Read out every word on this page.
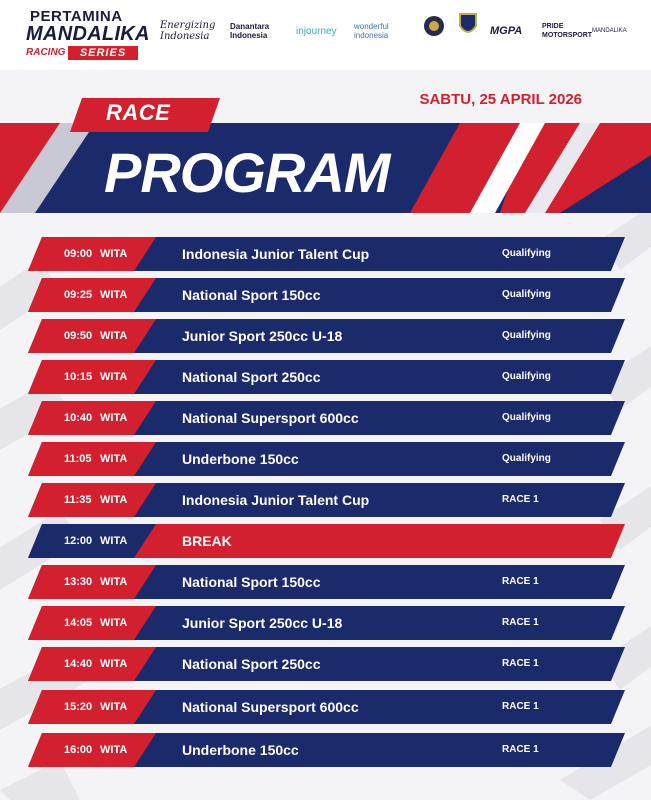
PERTAMINA
MANDALIKA
RACING	SERIES
Energizing Indonesia
Danantara Indonesia	injourney	wonderful indonesia	MGPA	PRIDE MOTORSPORT
MANDALIKA
SABTU, 25 APRIL 2026
RACE
PROGRAM
09:00 WITA	Indonesia Junior Talent Cup	Qualifying
09:25 WITA	National Sport 150cc	Qualifying
09:50 WITA	Junior Sport 250cc U-18	Qualifying
10:15 WITA	National Sport 250cc	Qualifying
10:40 WITA	National Supersport 600cc	Qualifying
11:05 WITA	Underbone 150cc	Qualifying
11:35 WITA	Indonesia Junior Talent Cup	RACE 1
12:00 WITA	BREAK
13:30 WITA	National Sport 150cc	RACE 1
14:05 WITA	Junior Sport 250cc U-18	RACE 1
14:40 WITA	National Sport 250cc	RACE 1
15:20 WITA	National Supersport 600cc	RACE 1
16:00 WITA	Underbone 150cc	RACE 1
